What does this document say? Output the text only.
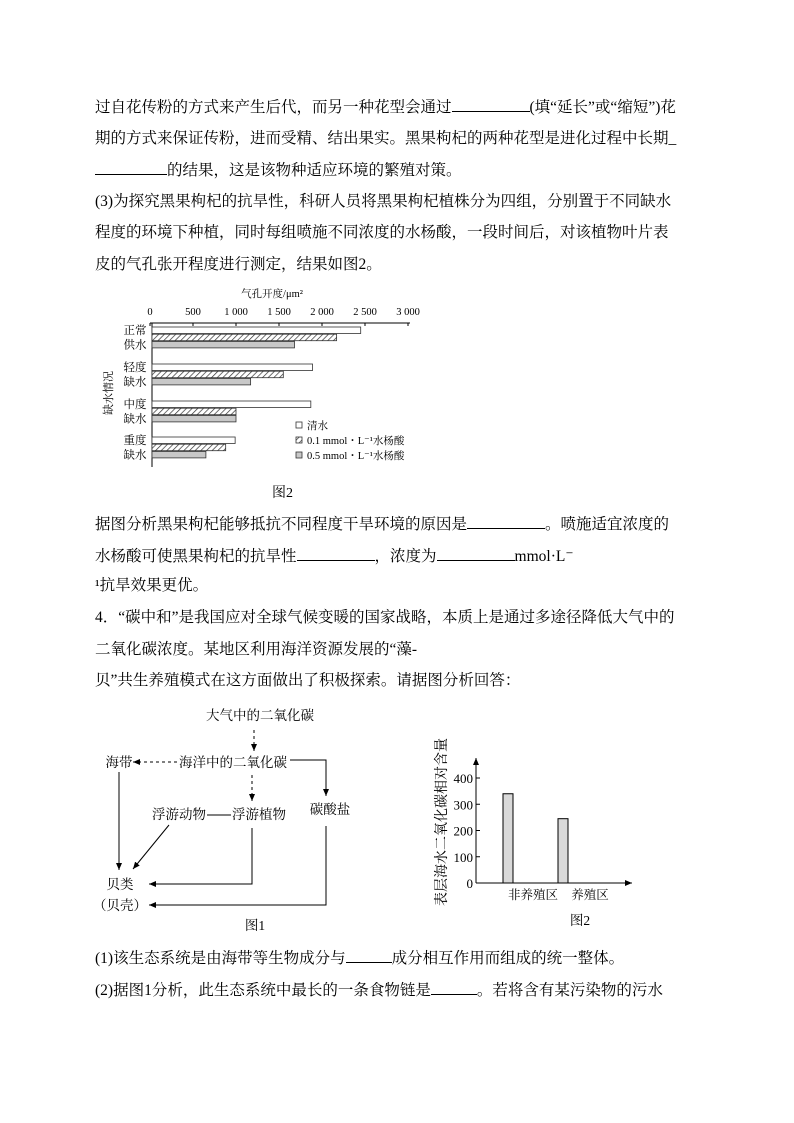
过自花传粉的方式来产生后代，而另一种花型会通过	(填“延长”或“缩短”)花
期的方式来保证传粉，进而受精、结出果实。黑果枸杞的两种花型是进化过程中长期_
的结果，这是该物种适应环境的繁殖对策。
(3)为探究黑果枸杞的抗旱性，科研人员将黑果枸杞植株分为四组，分别置于不同缺水
程度的环境下种植，同时每组喷施不同浓度的水杨酸，一段时间后，对该植物叶片表
皮的气孔张开程度进行测定，结果如图2。
据图分析黑果枸杞能够抵抗不同程度干旱环境的原因是	。喷施适宜浓度的
水杨酸可使黑果枸杞的抗旱性	，浓度为	mmol·L⁻
¹抗旱效果更优。
4．“碳中和”是我国应对全球气候变暖的国家战略，本质上是通过多途径降低大气中的
二氧化碳浓度。某地区利用海洋资源发展的“藻-
贝”共生养殖模式在这方面做出了积极探索。请据图分析回答：
(1)该生态系统是由海带等生物成分与	成分相互作用而组成的统一整体。
(2)据图1分析，此生态系统中最长的一条食物链是	。若将含有某污染物的污水
气孔开度/μm²
缺水情况
0	500 1 000 1 500 2 000 2 500 3 000
正常
供水
轻度
缺水
中度
缺水
重度
缺水
清水
0.1 mmol・L⁻¹水杨酸
0.5 mmol・L⁻¹水杨酸
图2
大气中的二氧化碳
海洋中的二氧化碳
海带
浮游动物 浮游植物 碳酸盐
贝类
（贝壳）
图1
0
100
200
300
400
非养殖区 养殖区
表层海水二氧化碳相对含量
图2
